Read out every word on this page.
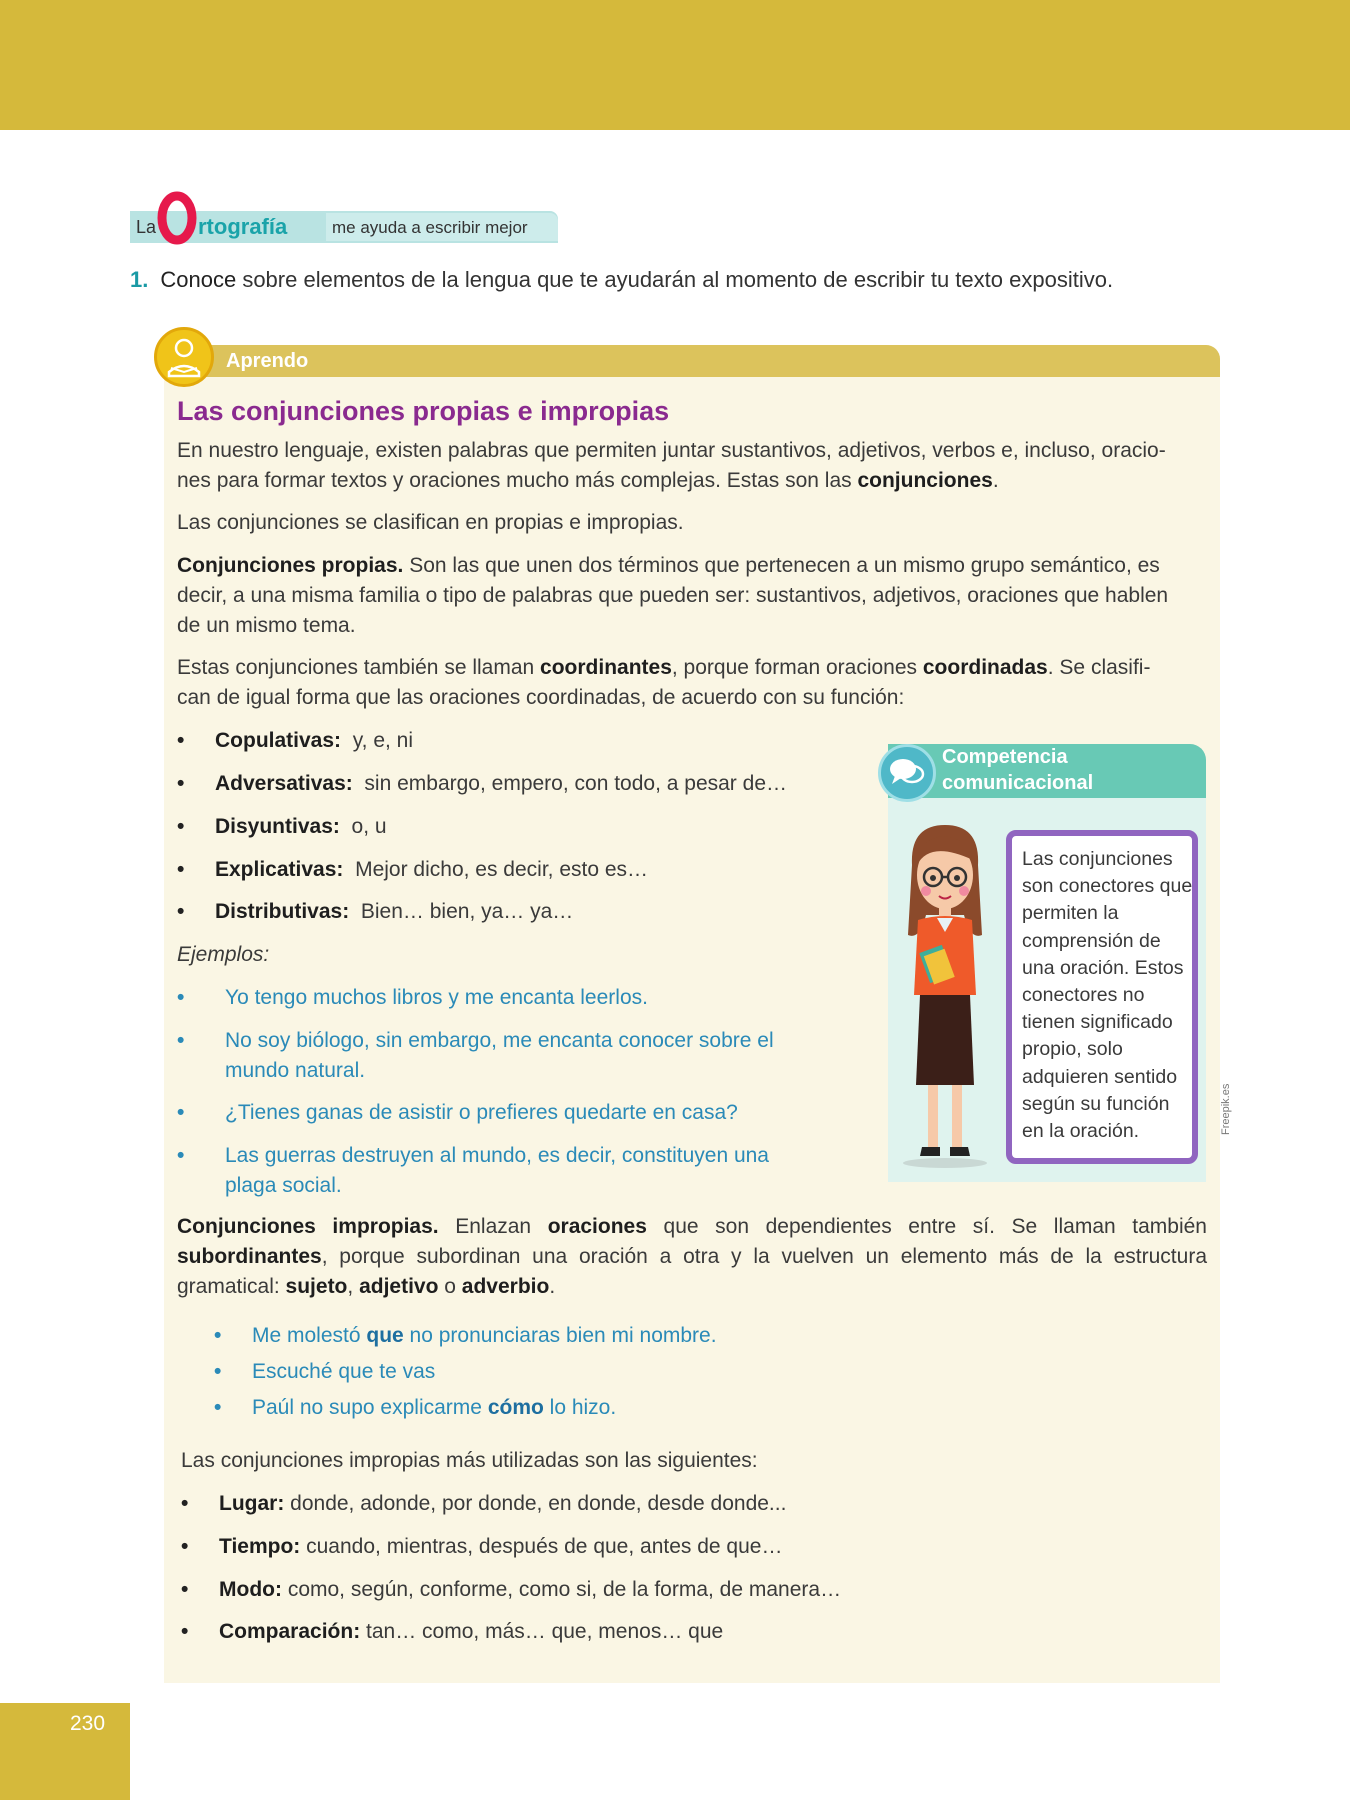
La rtografía	me ayuda a escribir mejor
1. Conoce sobre elementos de la lengua que te ayudarán al momento de escribir tu texto expositivo.
Aprendo
Las conjunciones propias e impropias
En nuestro lenguaje, existen palabras que permiten juntar sustantivos, adjetivos, verbos e, incluso, oracio-
nes para formar textos y oraciones mucho más complejas. Estas son las conjunciones.
Las conjunciones se clasifican en propias e impropias.
Conjunciones propias. Son las que unen dos términos que pertenecen a un mismo grupo semántico, es
decir, a una misma familia o tipo de palabras que pueden ser: sustantivos, adjetivos, oraciones que hablen
de un mismo tema.
Estas conjunciones también se llaman coordinantes, porque forman oraciones coordinadas. Se clasifi-
can de igual forma que las oraciones coordinadas, de acuerdo con su función:
• Copulativas: y, e, ni
• Adversativas: sin embargo, empero, con todo, a pesar de…
• Disyuntivas: o, u
• Explicativas: Mejor dicho, es decir, esto es…
• Distributivas: Bien… bien, ya… ya…
Ejemplos:
• Yo tengo muchos libros y me encanta leerlos.
• No soy biólogo, sin embargo, me encanta conocer sobre el
mundo natural.
• ¿Tienes ganas de asistir o prefieres quedarte en casa?
• Las guerras destruyen al mundo, es decir, constituyen una
plaga social.
Competencia comunicacional

Las conjunciones son conectores que permiten la comprensión de una oración. Estos conectores no tienen significado propio, solo adquieren sentido según su función en la oración.	Freepik.es
Conjunciones impropias. Enlazan oraciones que son dependientes entre sí. Se llaman también
subordinantes, porque subordinan una oración a otra y la vuelven un elemento más de la estructura
gramatical: sujeto, adjetivo o adverbio.
• Me molestó que no pronunciaras bien mi nombre.
• Escuché que te vas
• Paúl no supo explicarme cómo lo hizo.
Las conjunciones impropias más utilizadas son las siguientes:
• Lugar: donde, adonde, por donde, en donde, desde donde...
• Tiempo: cuando, mientras, después de que, antes de que…
• Modo: como, según, conforme, como si, de la forma, de manera…
• Comparación: tan… como, más… que, menos… que
230
